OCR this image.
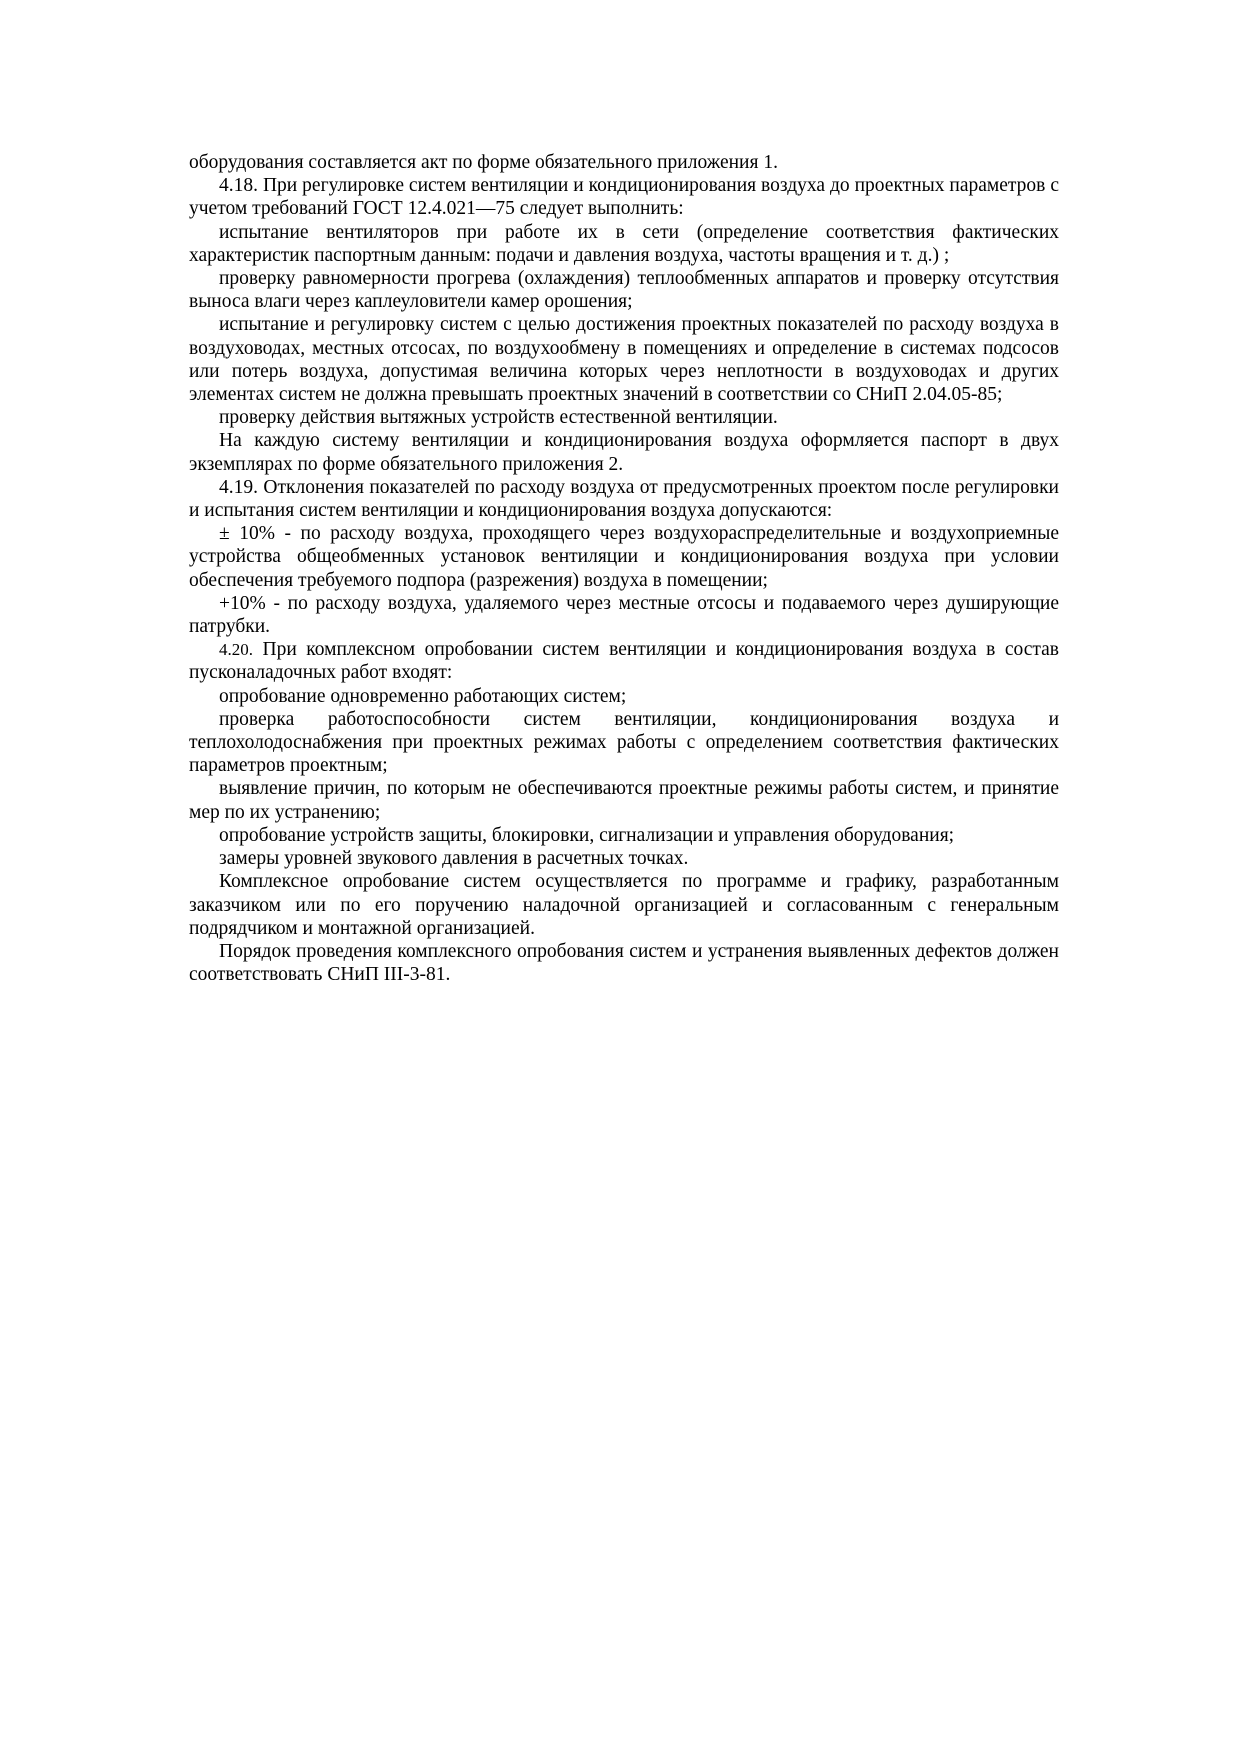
оборудования составляется акт по форме обязательного приложения 1.

4.18. При регулировке систем вентиляции и кондиционирования воздуха до проектных параметров с учетом требований ГОСТ 12.4.021—75 следует выполнить:

испытание вентиляторов при работе их в сети (определение соответствия фактических характеристик паспортным данным: подачи и давления воздуха, частоты вращения и т. д.) ;

проверку равномерности прогрева (охлаждения) теплообменных аппаратов и проверку отсутствия выноса влаги через каплеуловители камер орошения;

испытание и регулировку систем с целью достижения проектных показателей по расходу воздуха в воздуховодах, местных отсосах, по воздухообмену в помещениях и определение в системах подсосов или потерь воздуха, допустимая величина которых через неплотности в воздуховодах и других элементах систем не должна превышать проектных значений в соответствии со СНиП 2.04.05-85;

проверку действия вытяжных устройств естественной вентиляции.

На каждую систему вентиляции и кондиционирования воздуха оформляется паспорт в двух экземплярах по форме обязательного приложения 2.

4.19. Отклонения показателей по расходу воздуха от предусмотренных проектом после регулировки и испытания систем вентиляции и кондиционирования воздуха допускаются:

± 10% - по расходу воздуха, проходящего через воздухораспределительные и воздухоприемные устройства общеобменных установок вентиляции и кондиционирования воздуха при условии обеспечения требуемого подпора (разрежения) воздуха в помещении;

+10% - по расходу воздуха, удаляемого через местные отсосы и подаваемого через душирующие патрубки.

4.20. При комплексном опробовании систем вентиляции и кондиционирования воздуха в состав пусконаладочных работ входят:

опробование одновременно работающих систем;

проверка работоспособности систем вентиляции, кондиционирования воздуха и теплохолодоснабжения при проектных режимах работы с определением соответствия фактических параметров проектным;

выявление причин, по которым не обеспечиваются проектные режимы работы систем, и принятие мер по их устранению;

опробование устройств защиты, блокировки, сигнализации и управления оборудования;

замеры уровней звукового давления в расчетных точках.

Комплексное опробование систем осуществляется по программе и графику, разработанным заказчиком или по его поручению наладочной организацией и согласованным с генеральным подрядчиком и монтажной организацией.

Порядок проведения комплексного опробования систем и устранения выявленных дефектов должен соответствовать СНиП III-3-81.
